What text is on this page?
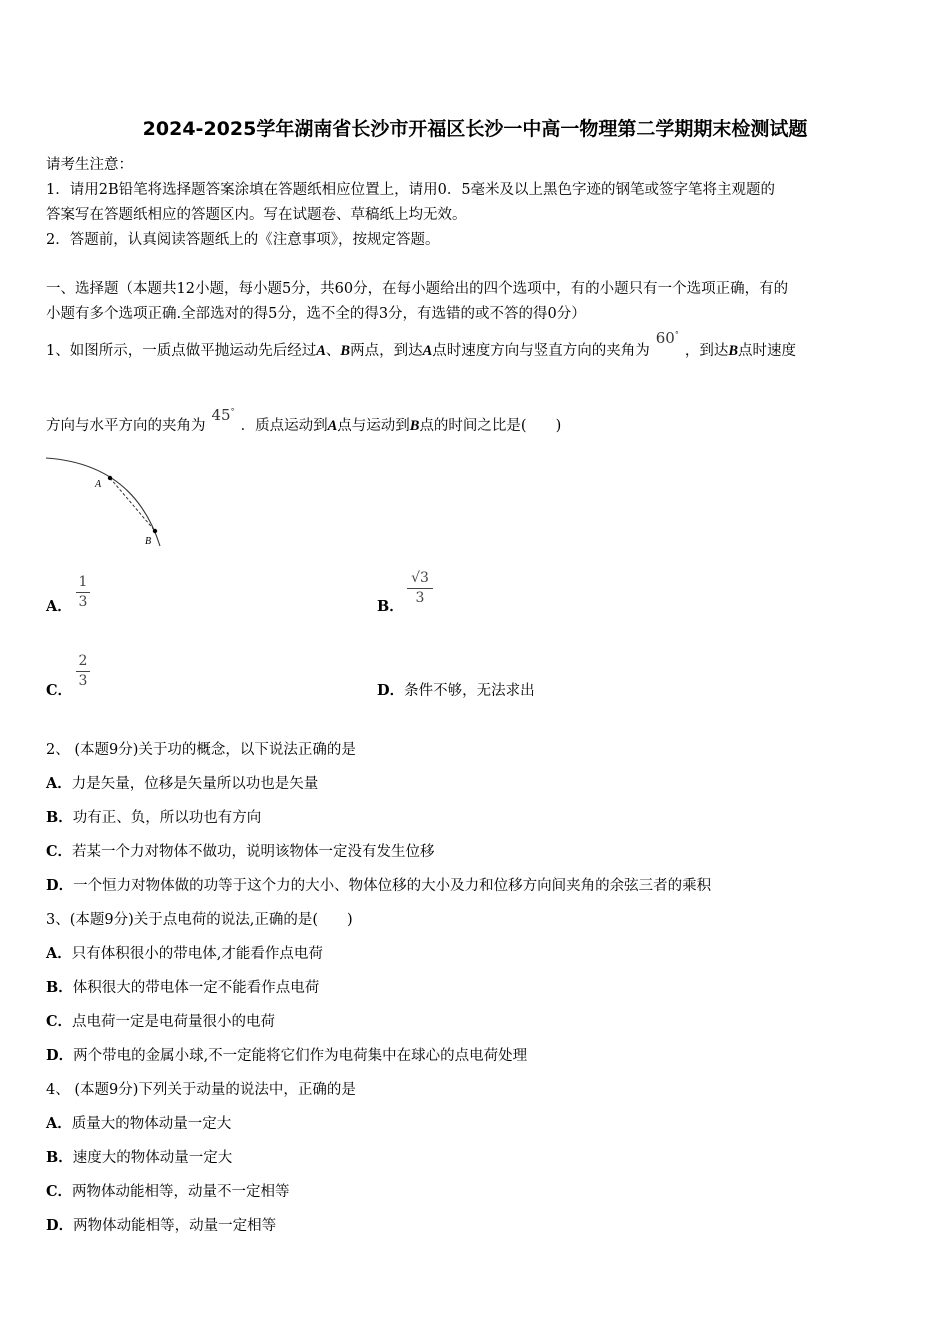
2024-2025学年湖南省长沙市开福区长沙一中高一物理第二学期期末检测试题
请考生注意：
1．请用2B铅笔将选择题答案涂填在答题纸相应位置上，请用0．5毫米及以上黑色字迹的钢笔或签字笔将主观题的
答案写在答题纸相应的答题区内。写在试题卷、草稿纸上均无效。
2．答题前，认真阅读答题纸上的《注意事项》，按规定答题。
一、选择题（本题共12小题，每小题5分，共60分，在每小题给出的四个选项中，有的小题只有一个选项正确，有的
小题有多个选项正确.全部选对的得5分，选不全的得3分，有选错的或不答的得0分）
1、如图所示，一质点做平抛运动先后经过A、B两点，到达A点时速度方向与竖直方向的夹角为60°，到达B点时速度
方向与水平方向的夹角为45°．质点运动到A点与运动到B点的时间之比是(　　)
A
B
A．
1
3	B．
√3
3
C．
2
3
D．条件不够，无法求出
2、 (本题9分)关于功的概念，以下说法正确的是
A．力是矢量，位移是矢量所以功也是矢量
B．功有正、负，所以功也有方向
C．若某一个力对物体不做功，说明该物体一定没有发生位移
D．一个恒力对物体做的功等于这个力的大小、物体位移的大小及力和位移方向间夹角的余弦三者的乘积
3、(本题9分)关于点电荷的说法,正确的是(　　)
A．只有体积很小的带电体,才能看作点电荷
B．体积很大的带电体一定不能看作点电荷
C．点电荷一定是电荷量很小的电荷
D．两个带电的金属小球,不一定能将它们作为电荷集中在球心的点电荷处理
4、 (本题9分)下列关于动量的说法中，正确的是
A．质量大的物体动量一定大
B．速度大的物体动量一定大
C．两物体动能相等，动量不一定相等
D．两物体动能相等，动量一定相等
